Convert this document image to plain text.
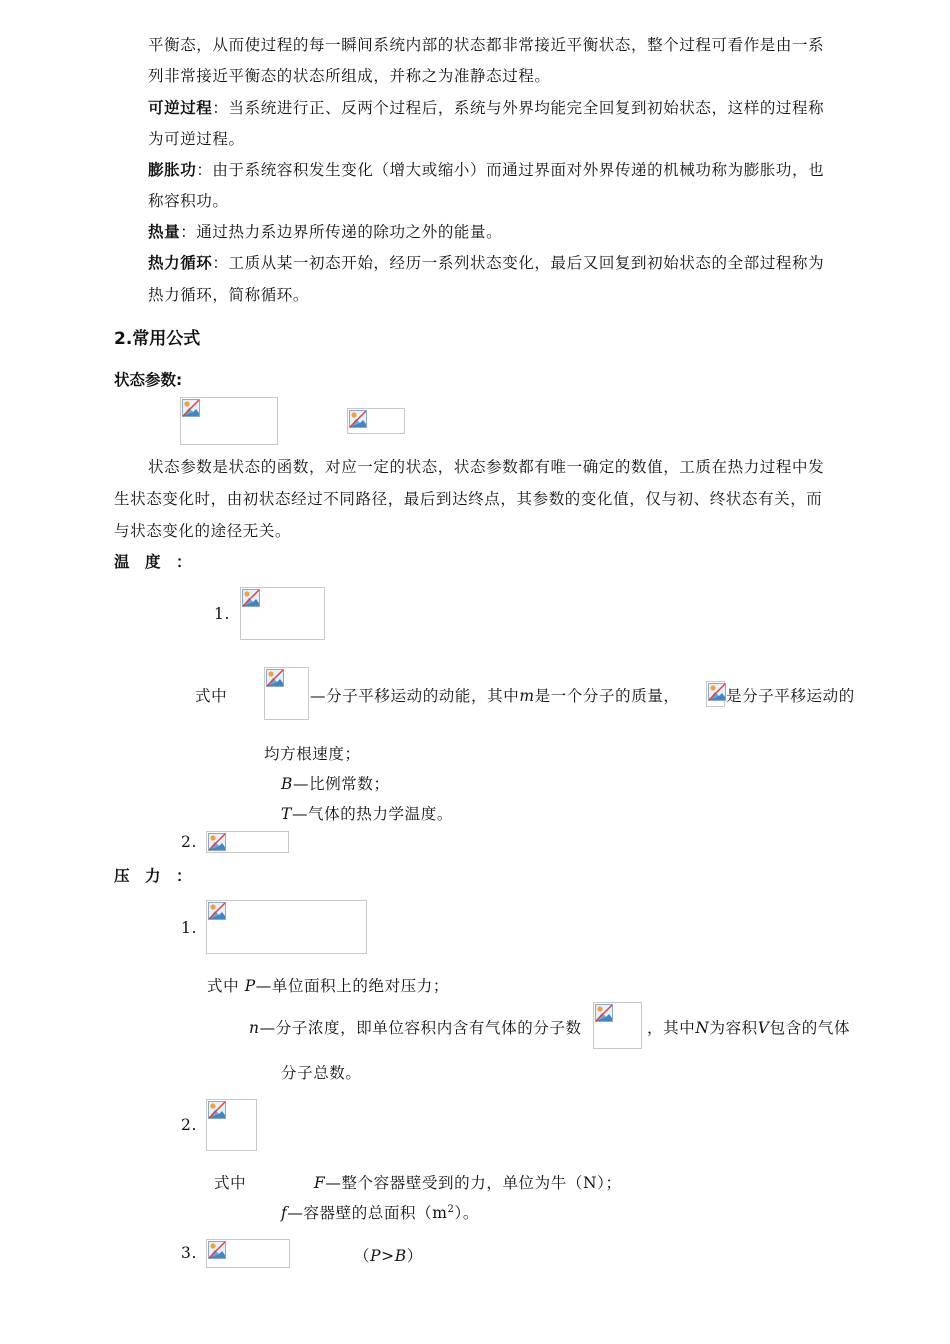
平衡态，从而使过程的每一瞬间系统内部的状态都非常接近平衡状态，整个过程可看作是由一系
列非常接近平衡态的状态所组成，并称之为准静态过程。
可逆过程：当系统进行正、反两个过程后，系统与外界均能完全回复到初始状态，这样的过程称
为可逆过程。
膨胀功：由于系统容积发生变化（增大或缩小）而通过界面对外界传递的机械功称为膨胀功，也
称容积功。
热量：通过热力系边界所传递的除功之外的能量。
热力循环：工质从某一初态开始，经历一系列状态变化，最后又回复到初始状态的全部过程称为
热力循环，简称循环。
2.常用公式
状态参数:
状态参数是状态的函数，对应一定的状态，状态参数都有唯一确定的数值，工质在热力过程中发
生状态变化时，由初状态经过不同路径，最后到达终点，其参数的变化值，仅与初、终状态有关，而
与状态变化的途径无关。
温　度　：
1.
式中	—分子平移运动的动能，其中m是一个分子的质量，	是分子平移运动的
均方根速度；
B—比例常数；
T—气体的热力学温度。
2.
压　力　：
1.
式中 P—单位面积上的绝对压力；
n—分子浓度，即单位容积内含有气体的分子数	，其中N为容积V包含的气体
分子总数。
2.
式中	F—整个容器壁受到的力，单位为牛（N）；
f—容器壁的总面积$(m^2)$。
3.	（P>B）
